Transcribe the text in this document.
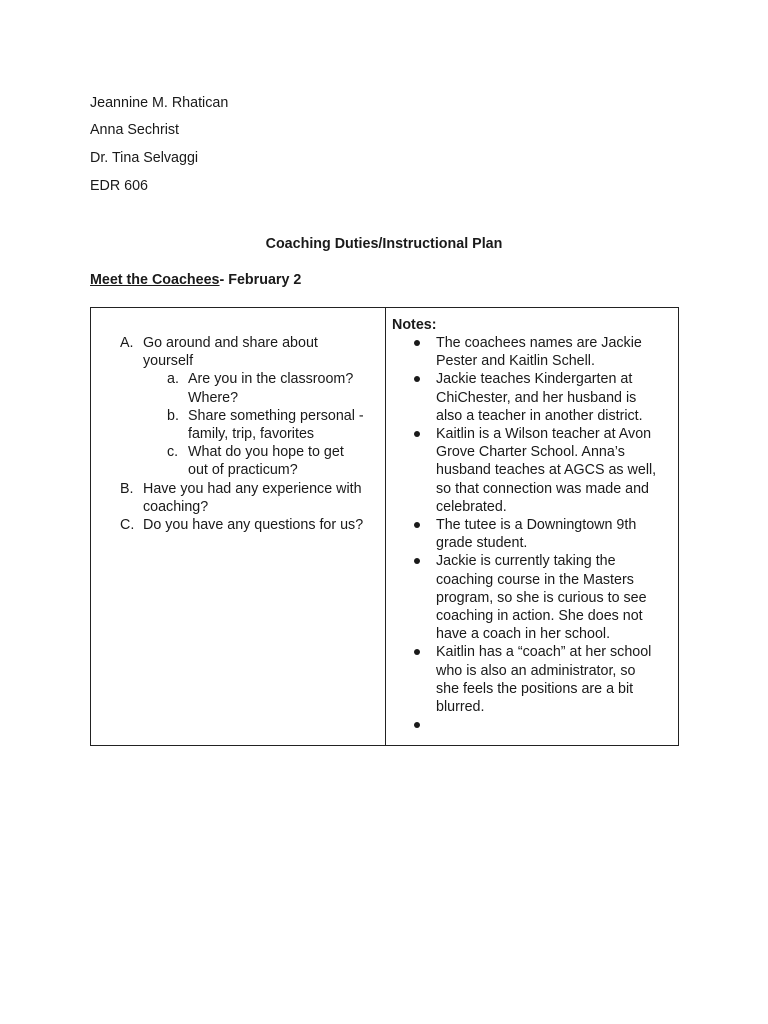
Jeannine M. Rhatican
Anna Sechrist
Dr. Tina Selvaggi
EDR 606
Coaching Duties/Instructional Plan
Meet the Coachees- February 2
A. Go around and share about
yourself
a. Are you in the classroom?
Where?
b. Share something personal -
family, trip, favorites
c. What do you hope to get
out of practicum?
B. Have you had any experience with
coaching?
C. Do you have any questions for us?
Notes:
The coachees names are Jackie
Pester and Kaitlin Schell.
Jackie teaches Kindergarten at
ChiChester, and her husband is
also a teacher in another district.
Kaitlin is a Wilson teacher at Avon
Grove Charter School. Anna’s
husband teaches at AGCS as well,
so that connection was made and
celebrated.
The tutee is a Downingtown 9th
grade student.
Jackie is currently taking the
coaching course in the Masters
program, so she is curious to see
coaching in action. She does not
have a coach in her school.
Kaitlin has a “coach” at her school
who is also an administrator, so
she feels the positions are a bit
blurred.
